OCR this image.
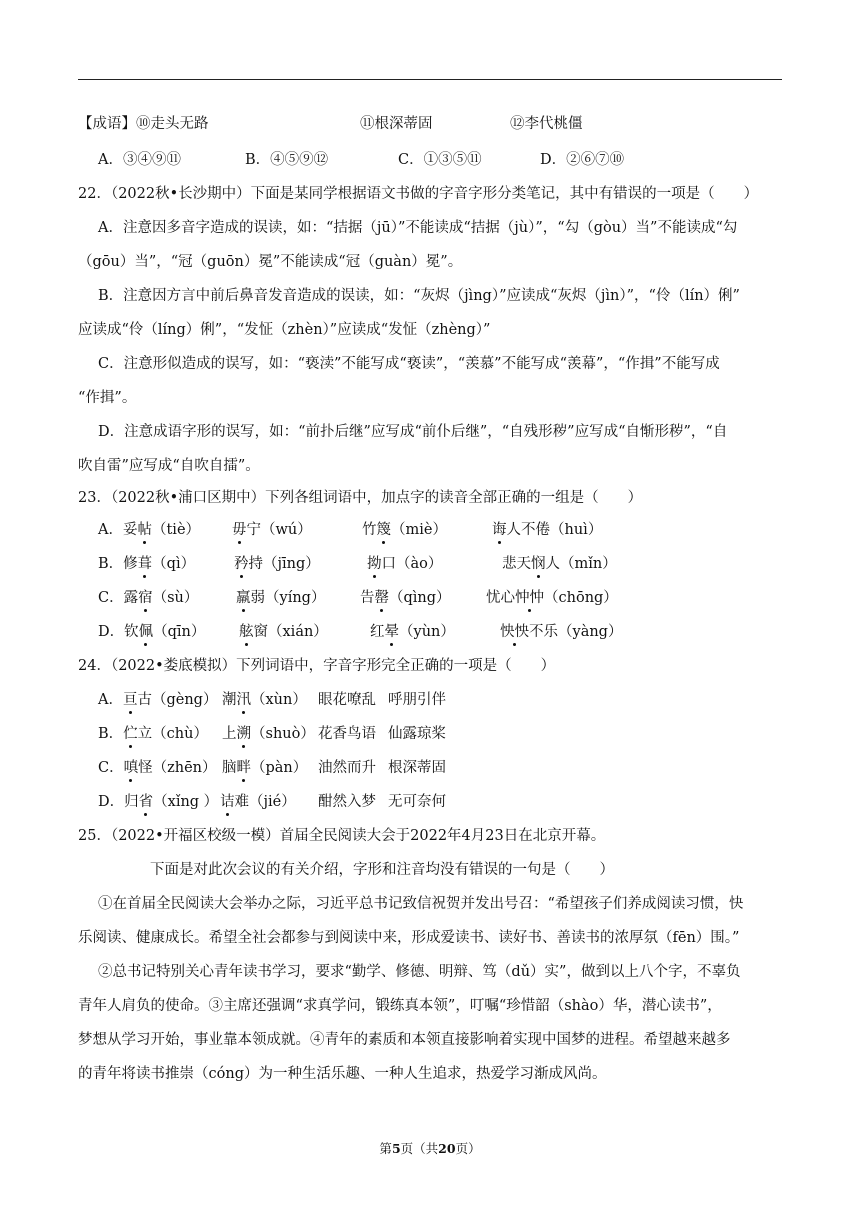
【成语】⑩走头无路	⑪根深蒂固	⑫李代桃僵
A．③④⑨⑪	B．④⑤⑨⑫	C．①③⑤⑪	D．②⑥⑦⑩
22．（2022秋•长沙期中）下面是某同学根据语文书做的字音字形分类笔记，其中有错误的一项是（　　）
A．注意因多音字造成的误读，如：“拮据（jū）”不能读成“拮据（jù）”，“勾（gòu）当”不能读成“勾
（gōu）当”，“冠（guōn）冕”不能读成“冠（guàn）冕”。
B．注意因方言中前后鼻音发音造成的误读，如：“灰烬（jìng）”应读成“灰烬（jìn）”，“伶（lín）俐”
应读成“伶（líng）俐”，“发怔（zhèn）”应读成“发怔（zhèng）”
C．注意形似造成的误写，如：“亵渎”不能写成“亵读”，“羡慕”不能写成“羡幕”，“作揖”不能写成
“作揖”。
D．注意成语字形的误写，如：“前扑后继”应写成“前仆后继”，“自残形秽”应写成“自惭形秽”，“自
吹自雷”应写成“自吹自擂”。
23．（2022秋•浦口区期中）下列各组词语中，加点字的读音全部正确的一组是（　　）
A．妥帖（tiè） 毋宁（wú）	竹篾（miè）	诲人不倦（huì）
B．修葺（qì）	矜持（jīng）	拗口（ào）	悲天悯人（mǐn）
C．露宿（sù）	羸弱（yíng） 告罄（qìng） 忧心忡忡（chōng）
D．钦佩（qīn） 舷窗（xián）	红晕（yùn）	怏怏不乐（yàng）
24．（2022•娄底模拟）下列词语中，字音字形完全正确的一项是（　　）
A．亘古（gèng） 潮汛（xùn） 眼花嘹乱 呼朋引伴
B．伫立（chù） 上溯（shuò） 花香鸟语 仙露琼桨
C．嗔怪（zhēn） 脑畔（pàn） 油然而升 根深蒂固
D．归省（xǐng ） 诘难（jié） 酣然入梦 无可奈何
25．（2022•开福区校级一模）首届全民阅读大会于2022年4月23日在北京开幕。
下面是对此次会议的有关介绍，字形和注音均没有错误的一句是（　　）
①在首届全民阅读大会举办之际，习近平总书记致信祝贺并发出号召：“希望孩子们养成阅读习惯，快
乐阅读、健康成长。希望全社会都参与到阅读中来，形成爱读书、读好书、善读书的浓厚氛（fēn）围。”
②总书记特别关心青年读书学习，要求“勤学、修德、明辩、笃（dǔ）实”，做到以上八个字，不辜负
青年人肩负的使命。③主席还强调“求真学问，锻练真本领”，叮嘱“珍惜韶（shào）华，潜心读书”，
梦想从学习开始，事业靠本领成就。④青年的素质和本领直接影响着实现中国梦的进程。希望越来越多
的青年将读书推崇（cóng）为一种生活乐趣、一种人生追求，热爱学习渐成风尚。
第5页（共20页）
